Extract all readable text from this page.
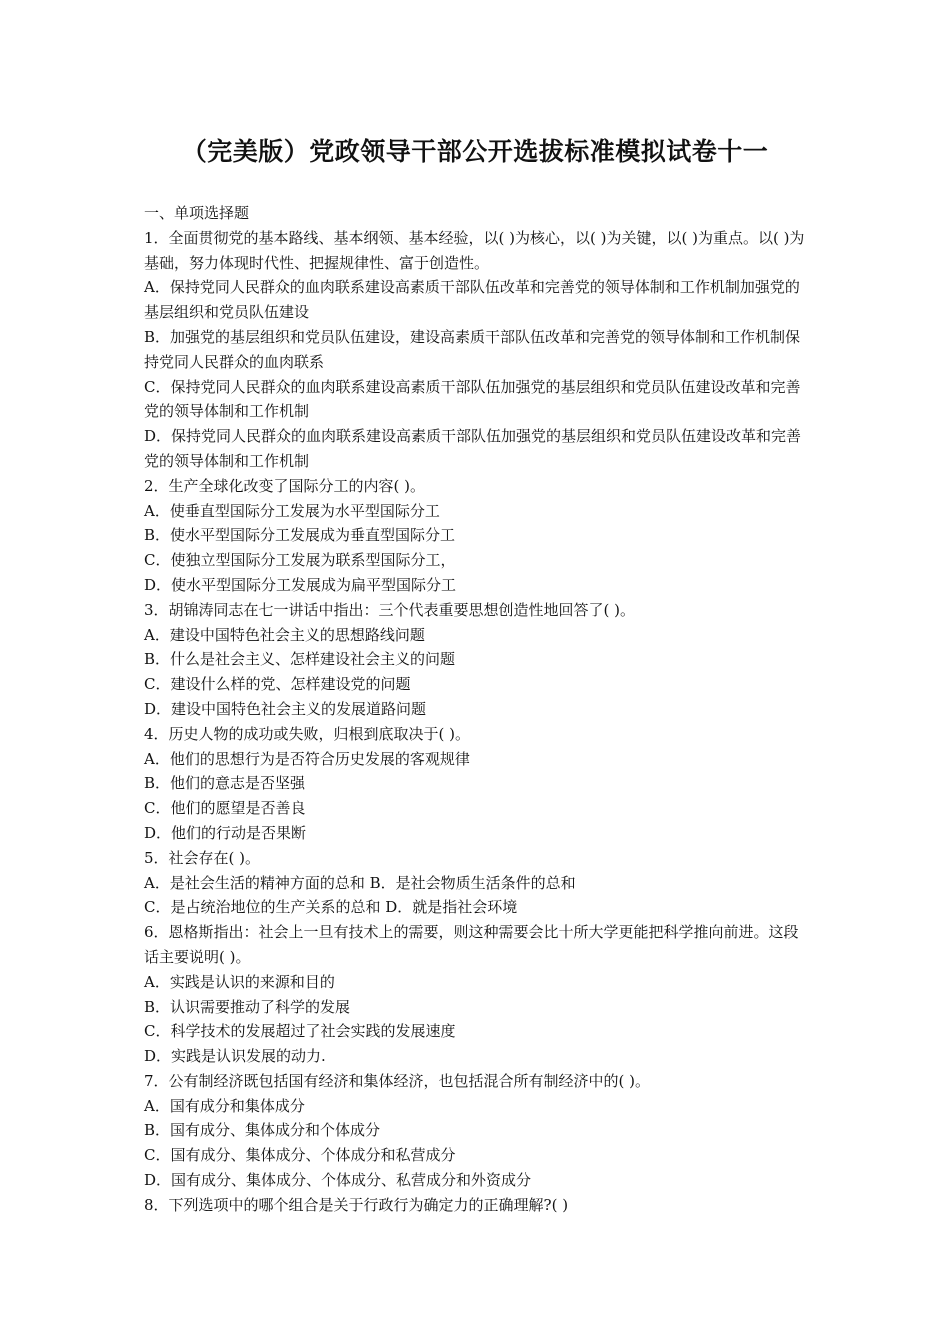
（完美版）党政领导干部公开选拔标准模拟试卷十一

一、单项选择题

1．全面贯彻党的基本路线、基本纲领、基本经验，以( )为核心，以( )为关键，以( )为重点。以( )为基础，努力体现时代性、把握规律性、富于创造性。

A．保持党同人民群众的血肉联系建设高素质干部队伍改革和完善党的领导体制和工作机制加强党的基层组织和党员队伍建设

B．加强党的基层组织和党员队伍建设，建设高素质干部队伍改革和完善党的领导体制和工作机制保持党同人民群众的血肉联系

C．保持党同人民群众的血肉联系建设高素质干部队伍加强党的基层组织和党员队伍建设改革和完善党的领导体制和工作机制

D．保持党同人民群众的血肉联系建设高素质干部队伍加强党的基层组织和党员队伍建设改革和完善党的领导体制和工作机制

2．生产全球化改变了国际分工的内容( )。

A．使垂直型国际分工发展为水平型国际分工

B．使水平型国际分工发展成为垂直型国际分工

C．使独立型国际分工发展为联系型国际分工，

D．使水平型国际分工发展成为扁平型国际分工

3．胡锦涛同志在七一讲话中指出：三个代表重要思想创造性地回答了( )。

A．建设中国特色社会主义的思想路线问题

B．什么是社会主义、怎样建设社会主义的问题

C．建设什么样的党、怎样建设党的问题

D．建设中国特色社会主义的发展道路问题

4．历史人物的成功或失败，归根到底取决于( )。

A．他们的思想行为是否符合历史发展的客观规律

B．他们的意志是否坚强

C．他们的愿望是否善良

D．他们的行动是否果断

5．社会存在( )。

A．是社会生活的精神方面的总和 B．是社会物质生活条件的总和

C．是占统治地位的生产关系的总和 D．就是指社会环境

6．恩格斯指出：社会上一旦有技术上的需要，则这种需要会比十所大学更能把科学推向前进。这段话主要说明( )。

A．实践是认识的来源和目的

B．认识需要推动了科学的发展

C．科学技术的发展超过了社会实践的发展速度

D．实践是认识发展的动力.

7．公有制经济既包括国有经济和集体经济，也包括混合所有制经济中的( )。

A．国有成分和集体成分

B．国有成分、集体成分和个体成分

C．国有成分、集体成分、个体成分和私营成分

D．国有成分、集体成分、个体成分、私营成分和外资成分

8．下列选项中的哪个组合是关于行政行为确定力的正确理解?( )
